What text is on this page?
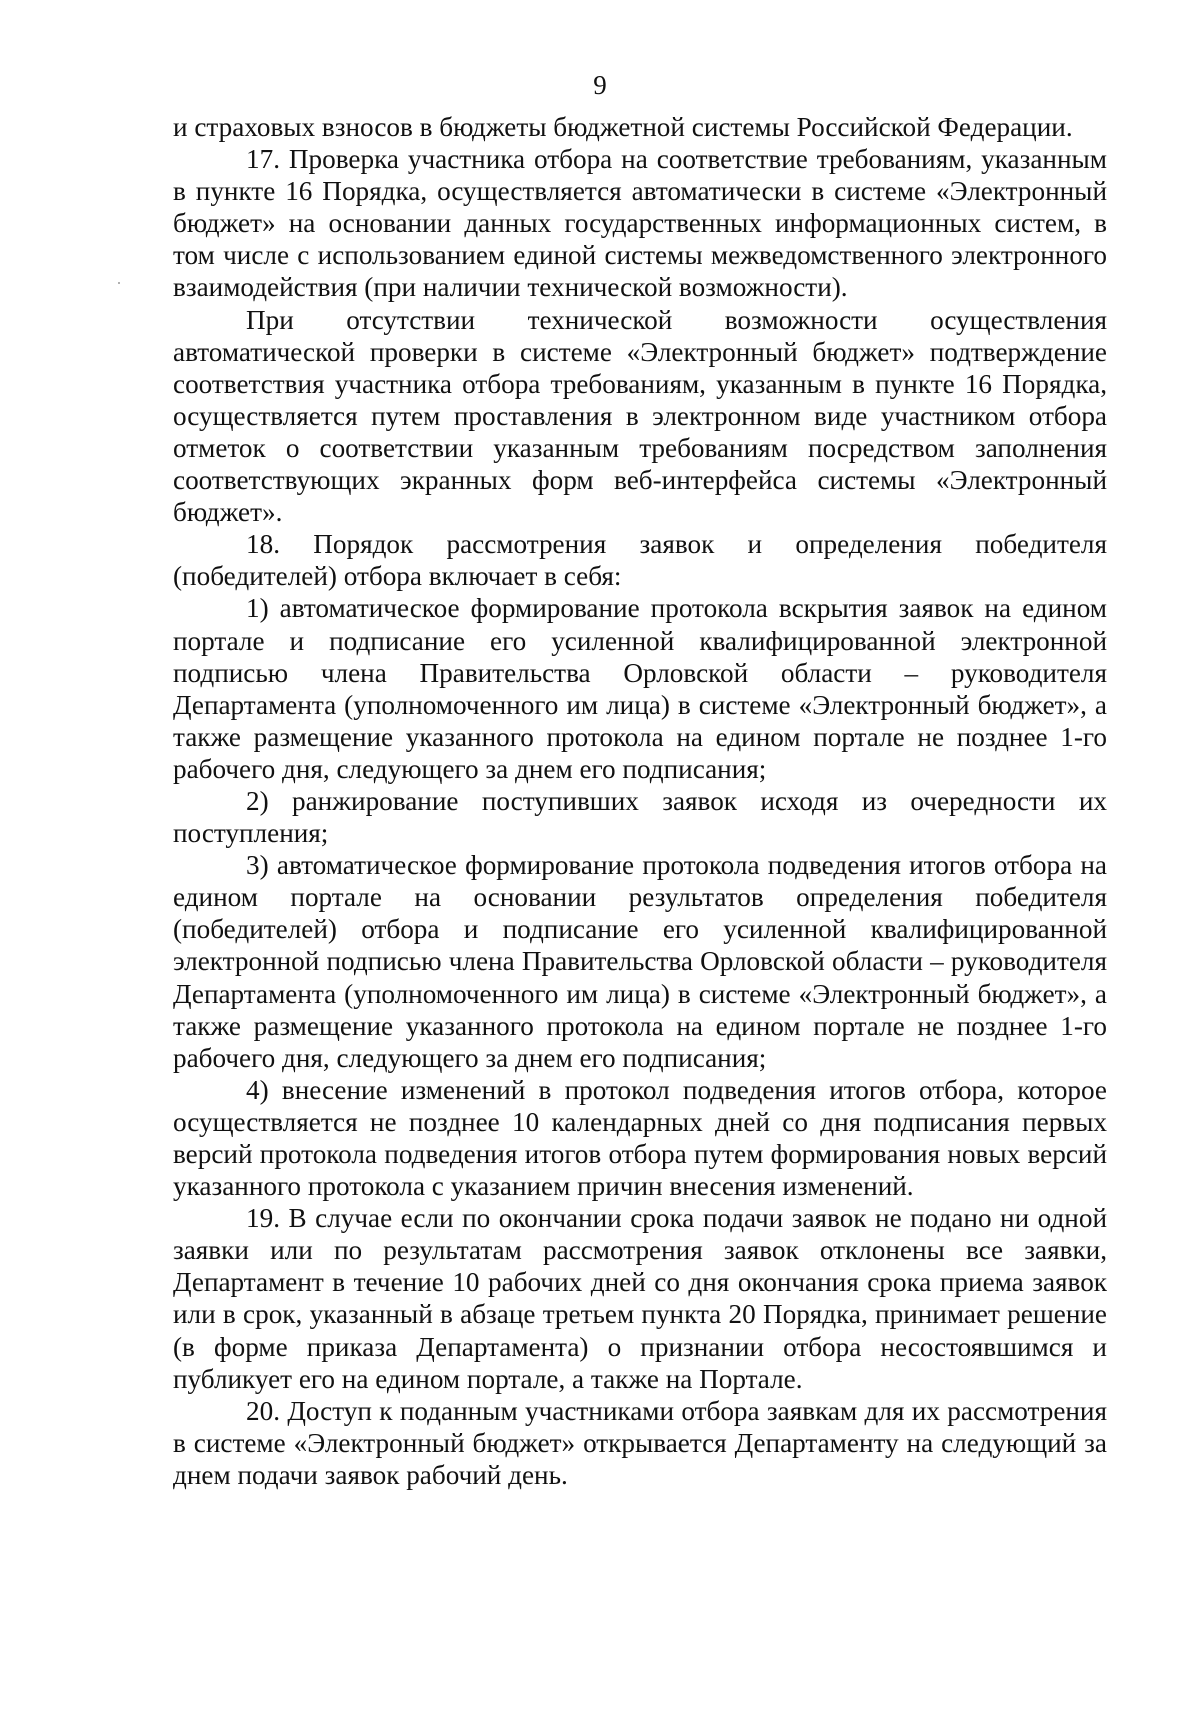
9

и страховых взносов в бюджеты бюджетной системы Российской Федерации.

17. Проверка участника отбора на соответствие требованиям, указанным в пункте 16 Порядка, осуществляется автоматически в системе «Электронный бюджет» на основании данных государственных информационных систем, в том числе с использованием единой системы межведомственного электронного взаимодействия (при наличии технической возможности).

При отсутствии технической возможности осуществления автоматической проверки в системе «Электронный бюджет» подтверждение соответствия участника отбора требованиям, указанным в пункте 16 Порядка, осуществляется путем проставления в электронном виде участником отбора отметок о соответствии указанным требованиям посредством заполнения соответствующих экранных форм веб-интерфейса системы «Электронный бюджет».

18. Порядок рассмотрения заявок и определения победителя (победителей) отбора включает в себя:

1) автоматическое формирование протокола вскрытия заявок на едином портале и подписание его усиленной квалифицированной электронной подписью члена Правительства Орловской области – руководителя Департамента (уполномоченного им лица) в системе «Электронный бюджет», а также размещение указанного протокола на едином портале не позднее 1-го рабочего дня, следующего за днем его подписания;

2) ранжирование поступивших заявок исходя из очередности их поступления;

3) автоматическое формирование протокола подведения итогов отбора на едином портале на основании результатов определения победителя (победителей) отбора и подписание его усиленной квалифицированной электронной подписью члена Правительства Орловской области – руководителя Департамента (уполномоченного им лица) в системе «Электронный бюджет», а также размещение указанного протокола на едином портале не позднее 1-го рабочего дня, следующего за днем его подписания;

4) внесение изменений в протокол подведения итогов отбора, которое осуществляется не позднее 10 календарных дней со дня подписания первых версий протокола подведения итогов отбора путем формирования новых версий указанного протокола с указанием причин внесения изменений.

19. В случае если по окончании срока подачи заявок не подано ни одной заявки или по результатам рассмотрения заявок отклонены все заявки, Департамент в течение 10 рабочих дней со дня окончания срока приема заявок или в срок, указанный в абзаце третьем пункта 20 Порядка, принимает решение (в форме приказа Департамента) о признании отбора несостоявшимся и публикует его на едином портале, а также на Портале.

20. Доступ к поданным участниками отбора заявкам для их рассмотрения в системе «Электронный бюджет» открывается Департаменту на следующий за днем подачи заявок рабочий день.
